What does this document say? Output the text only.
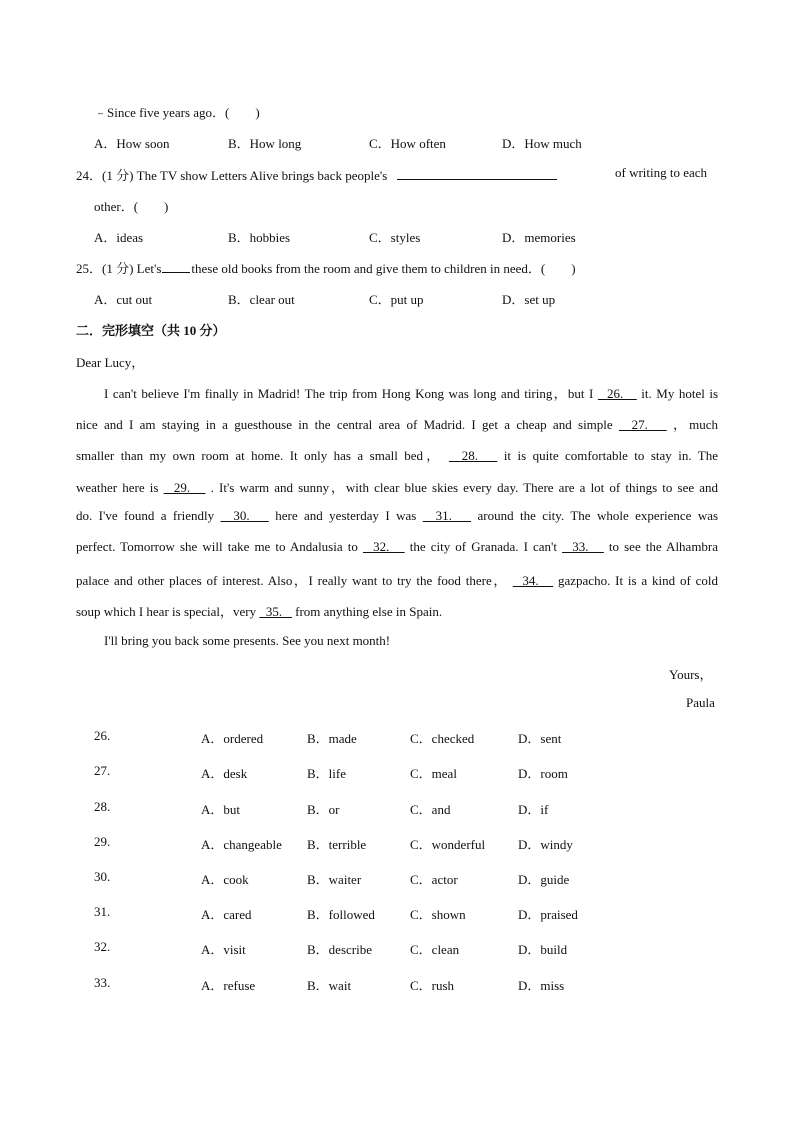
﹣Since five years ago．(　　)
A．How soon	B．How long	C．How often	D．How much
24．(1 分) The TV show Letters Alive brings back people's	of writing to each
other．(　　)
A．ideas	B．hobbies	C．styles	D．memories
25．(1 分) Let's these old books from the room and give them to children in need．(　　)
A．cut out	B．clear out	C．put up	D．set up
二．完形填空（共 10 分）
Dear Lucy，
I can't believe I'm finally in Madrid! The trip from Hong Kong was long and tiring，but I   26.    it. My hotel is
nice and I am staying in a guesthouse in the central area of Madrid. I get a cheap and simple   27.    ，much
smaller than my own room at home. It only has a small bed，   28.    it is quite comfortable to stay in. The
weather here is   29.    . It's warm and sunny，with clear blue skies every day. There are a lot of things to see and
do. I've found a friendly   30.    here and yesterday I was   31.    around the city. The whole experience was
perfect. Tomorrow she will take me to Andalusia to   32.    the city of Granada. I can't   33.    to see the Alhambra
palace and other places of interest. Also，I really want to try the food there，   34.    gazpacho. It is a kind of cold
soup which I hear is special，very   35.    from anything else in Spain.
I'll bring you back some presents. See you next month!
Yours，
Paula
26.	A．ordered	B．made	C．checked	D．sent
27.	A．desk	B．life	C．meal	D．room
28.	A．but	B．or	C．and	D．if
29.	A．changeable B．terrible	C．wonderful	D．windy
30.	A．cook	B．waiter	C．actor	D．guide
31.	A．cared	B．followed	C．shown	D．praised
32.	A．visit	B．describe	C．clean	D．build
33.	A．refuse	B．wait	C．rush	D．miss
